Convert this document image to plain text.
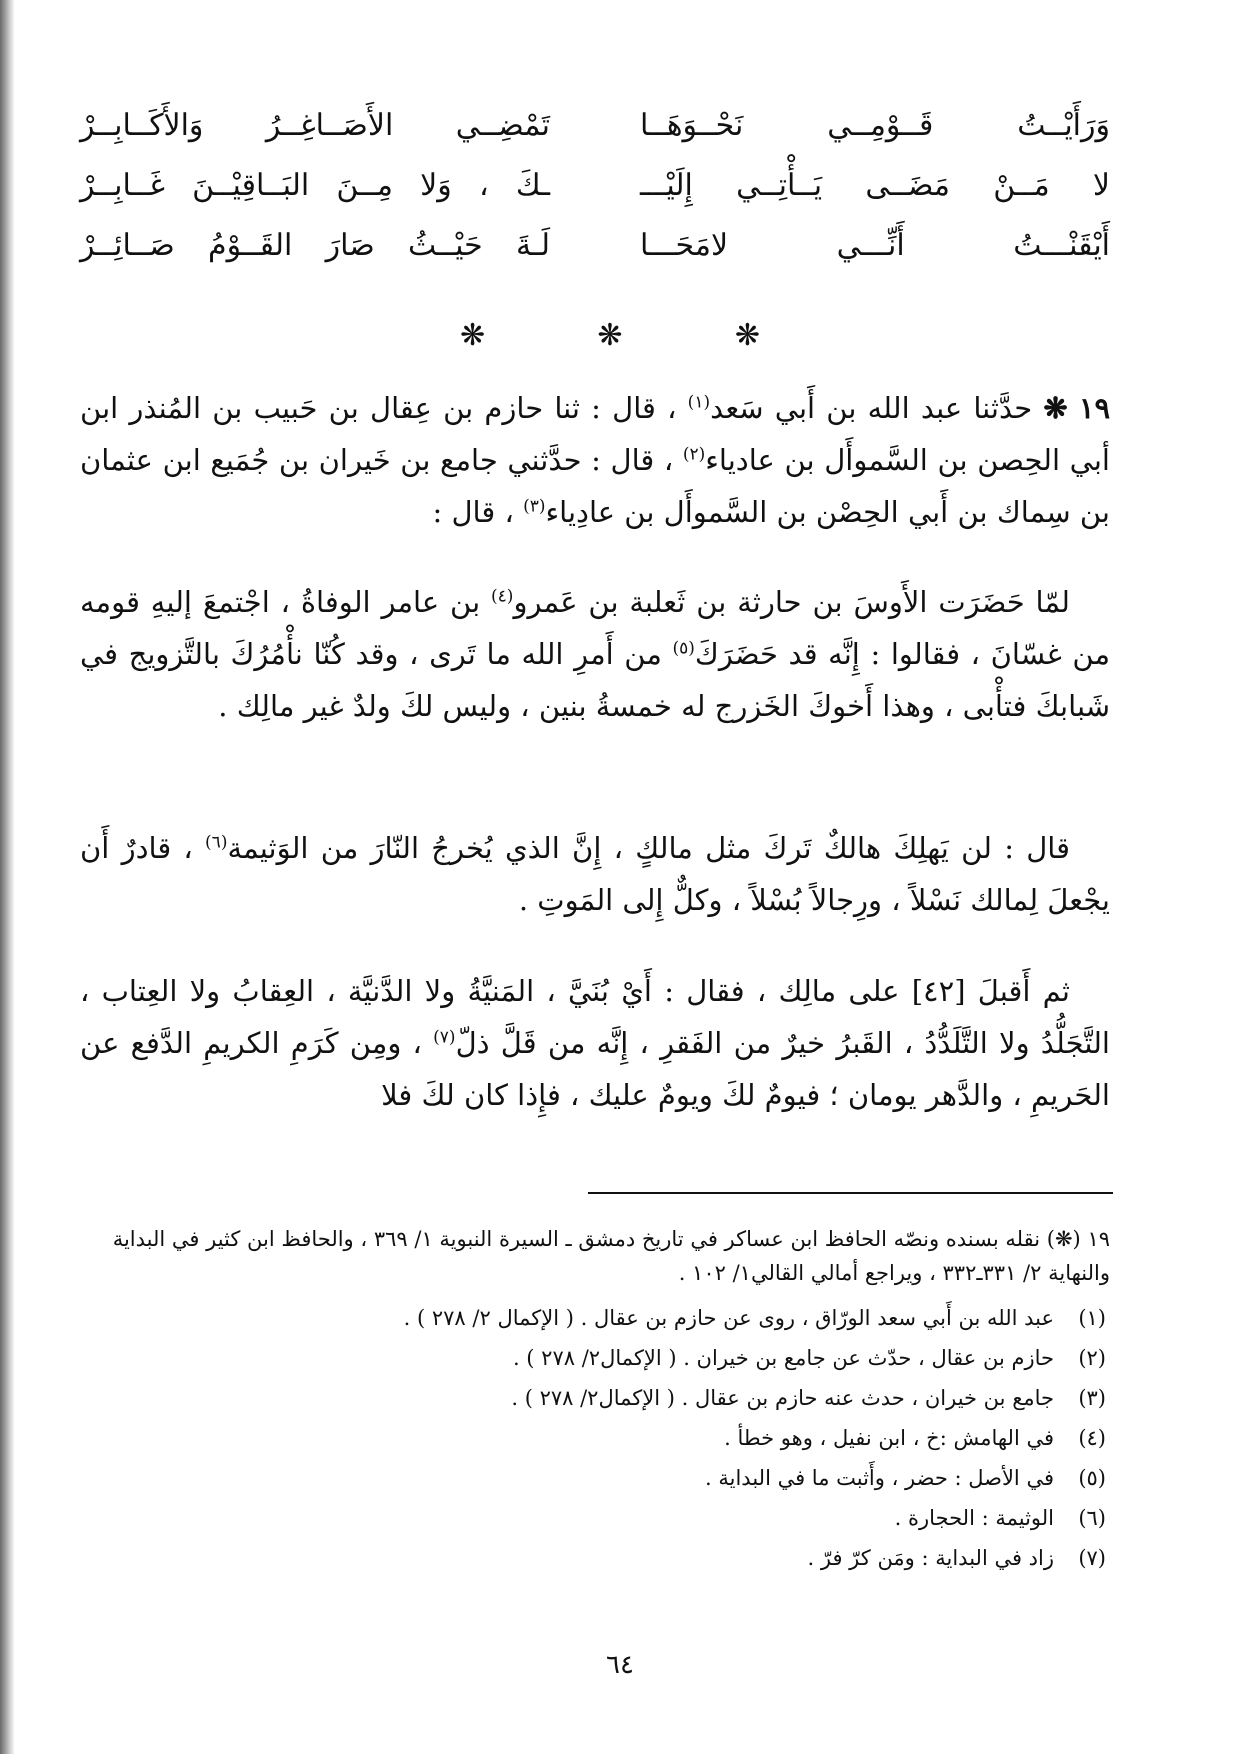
وَرَأَيْــتُ قَــوْمِــي نَحْــوَهَــا
تَمْضِــي الأَصَــاغِــرُ وَالأَكَــابِــرْ
لا مَــنْ مَضَــى يَــأْتِــي إِلَيْـــ
ـكَ ، وَلا مِــنَ البَــاقِيْــنَ غَــابِــرْ
أَيْقَنْـــتُ أَنِّـــي لامَحَـــا
لَـةَ حَيْــثُ صَارَ القَــوْمُ صَــائِــرْ
❋	❋	❋
١٩ ❋ حدَّثنا عبد الله بن أَبي سَعد$^{(١)}$ ، قال : ثنا حازم بن عِقال بن حَبيب بن المُنذر ابن أبي الحِصن بن السَّموأَل بن عادياء$^{(٢)}$ ، قال : حدَّثني جامع بن خَيران بن جُمَيع ابن عثمان بن سِماك بن أَبي الحِصْن بن السَّموأَل بن عادِياء$^{(٣)}$ ، قال :
لمّا حَضَرَت الأَوسَ بن حارثة بن ثَعلبة بن عَمرو$^{(٤)}$ بن عامر الوفاةُ ، اجْتمعَ إليهِ قومه من غسّانَ ، فقالوا : إِنَّه قد حَضَرَكَ$^{(٥)}$ من أَمرِ الله ما تَرى ، وقد كُنّا نأْمُرُكَ بالتَّزويج في شَبابكَ فتأْبى ، وهذا أَخوكَ الخَزرج له خمسةُ بنين ، وليس لكَ ولدٌ غير مالِك .
قال : لن يَهلِكَ هالكٌ تَركَ مثل مالكٍ ، إِنَّ الذي يُخرجُ النّارَ من الوَثيمة$^{(٦)}$ ، قادرٌ أَن يجْعلَ لِمالك نَسْلاً ، ورِجالاً بُسْلاً ، وكلٌّ إِلى المَوتِ .
ثم أَقبلَ [٤٢] على مالِك ، فقال : أَيْ بُنَيَّ ، المَنيَّةُ ولا الدَّنيَّة ، العِقابُ ولا العِتاب ، التَّجَلُّدُ ولا التَّلَدُّدُ ، القَبرُ خيرٌ من الفَقرِ ، إِنَّه من قَلَّ ذلّ$^{(٧)}$ ، ومِن كَرَمِ الكريمِ الدَّفع عن الحَريمِ ، والدَّهر يومان ؛ فيومٌ لكَ ويومٌ عليك ، فإِذا كان لكَ فلا
١٩ (❋) نقله بسنده ونصّه الحافظ ابن عساكر في تاريخ دمشق ـ السيرة النبوية ١/ ٣٦٩ ، والحافظ ابن كثير في البداية والنهاية ٢/ ٣٣١ـ٣٣٢ ، ويراجع أمالي القالي١/ ١٠٢ .
(١)
عبد الله بن أَبي سعد الورّاق ، روى عن حازم بن عقال . ( الإكمال ٢/ ٢٧٨ ) .
(٢)
حازم بن عقال ، حدّث عن جامع بن خيران . ( الإكمال٢/ ٢٧٨ ) .
(٣)
جامع بن خيران ، حدث عنه حازم بن عقال . ( الإكمال٢/ ٢٧٨ ) .
(٤)
في الهامش :خ ، ابن نفيل ، وهو خطأ .
(٥)
في الأصل : حضر ، وأَثبت ما في البداية .
(٦)
الوثيمة : الحجارة .
(٧)
زاد في البداية : ومَن كرّ فرّ .
٦٤
